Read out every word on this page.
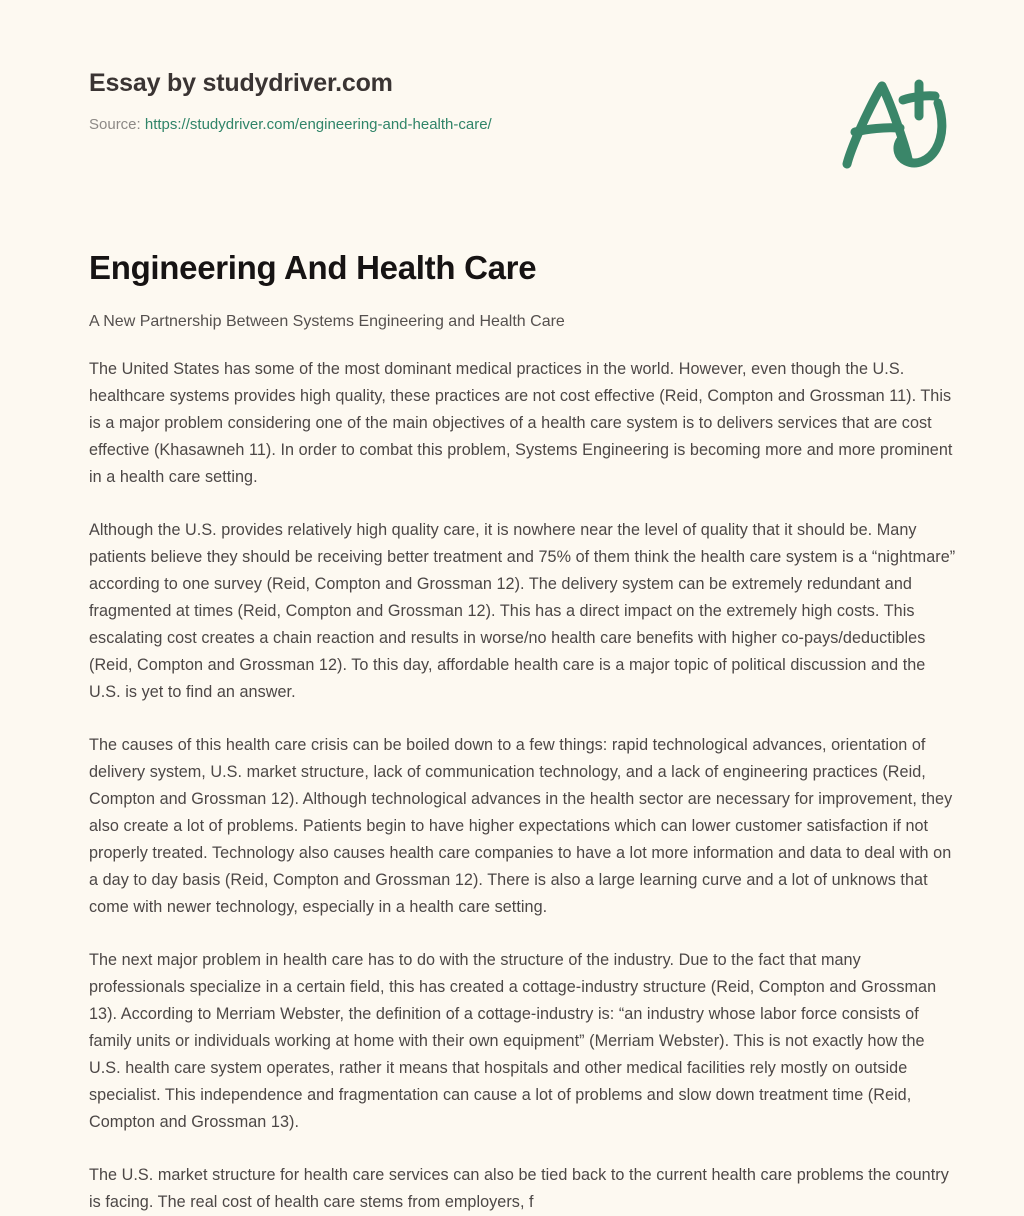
Essay by studydriver.com
Source: https://studydriver.com/engineering-and-health-care/
Engineering And Health Care

A New Partnership Between Systems Engineering and Health Care

The United States has some of the most dominant medical practices in the world. However, even though the U.S. healthcare systems provides high quality, these practices are not cost effective (Reid, Compton and Grossman 11). This is a major problem considering one of the main objectives of a health care system is to delivers services that are cost effective (Khasawneh 11). In order to combat this problem, Systems Engineering is becoming more and more prominent in a health care setting.

Although the U.S. provides relatively high quality care, it is nowhere near the level of quality that it should be. Many patients believe they should be receiving better treatment and 75% of them think the health care system is a “nightmare” according to one survey (Reid, Compton and Grossman 12). The delivery system can be extremely redundant and fragmented at times (Reid, Compton and Grossman 12). This has a direct impact on the extremely high costs. This escalating cost creates a chain reaction and results in worse/no health care benefits with higher co-pays/deductibles (Reid, Compton and Grossman 12). To this day, affordable health care is a major topic of political discussion and the U.S. is yet to find an answer.

The causes of this health care crisis can be boiled down to a few things: rapid technological advances, orientation of delivery system, U.S. market structure, lack of communication technology, and a lack of engineering practices (Reid, Compton and Grossman 12). Although technological advances in the health sector are necessary for improvement, they also create a lot of problems. Patients begin to have higher expectations which can lower customer satisfaction if not properly treated. Technology also causes health care companies to have a lot more information and data to deal with on a day to day basis (Reid, Compton and Grossman 12). There is also a large learning curve and a lot of unknows that come with newer technology, especially in a health care setting.

The next major problem in health care has to do with the structure of the industry. Due to the fact that many professionals specialize in a certain field, this has created a cottage-industry structure (Reid, Compton and Grossman 13). According to Merriam Webster, the definition of a cottage-industry is: “an industry whose labor force consists of family units or individuals working at home with their own equipment” (Merriam Webster). This is not exactly how the U.S. health care system operates, rather it means that hospitals and other medical facilities rely mostly on outside specialist. This independence and fragmentation can cause a lot of problems and slow down treatment time (Reid, Compton and Grossman 13).

The U.S. market structure for health care services can also be tied back to the current health care problems the country is facing. The real cost of health care stems from employers, f
